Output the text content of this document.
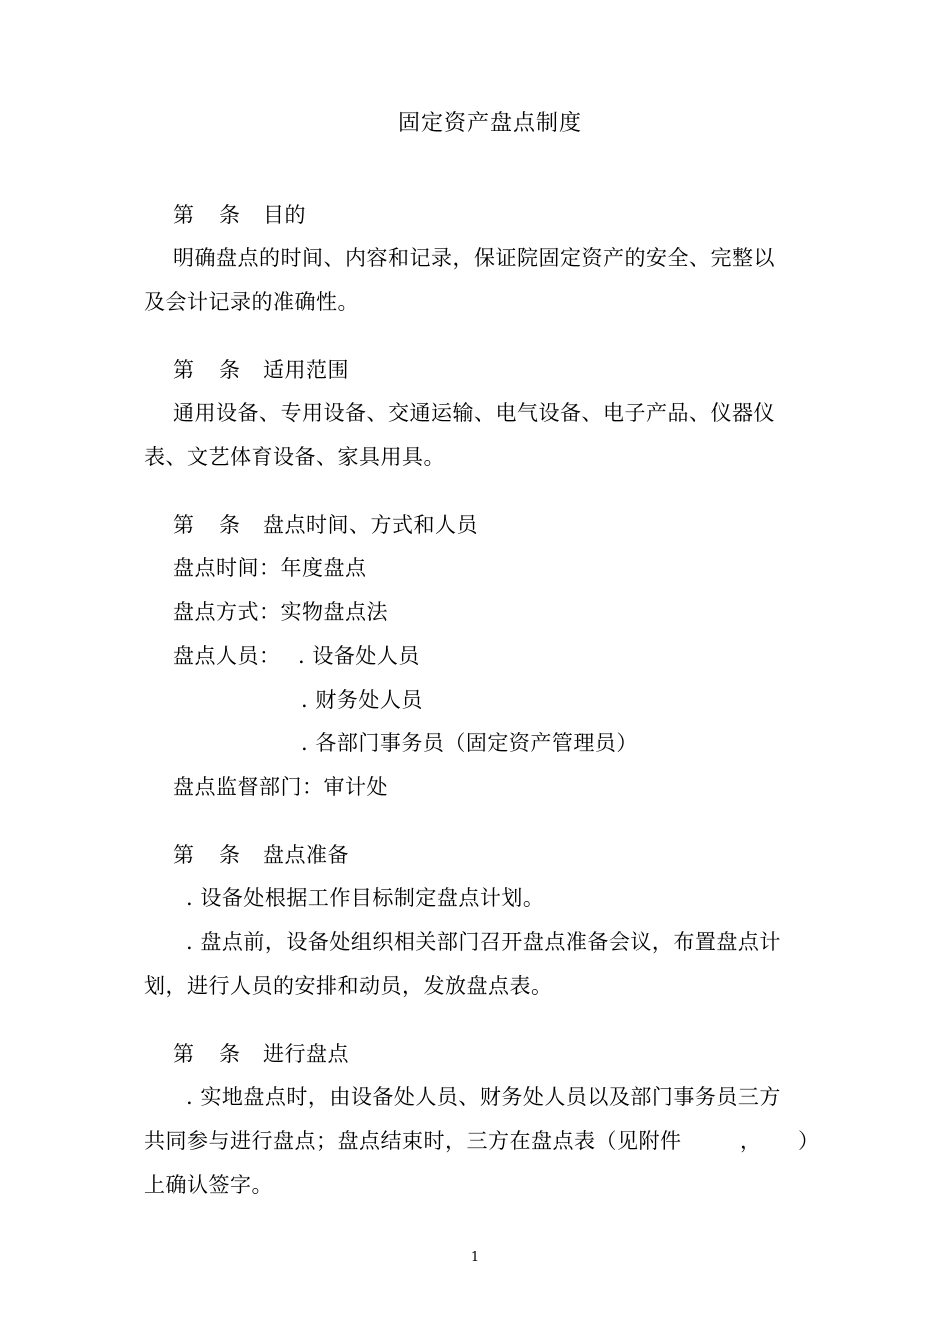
固定资产盘点制度
第 条 目的
明确盘点的时间、内容和记录，保证院固定资产的安全、完整以
及会计记录的准确性。
第 条 适用范围
通用设备、专用设备、交通运输、电气设备、电子产品、仪器仪
表、文艺体育设备、家具用具。
第 条 盘点时间、方式和人员
盘点时间：年度盘点
盘点方式：实物盘点法
盘点人员： . 设备处人员
. 财务处人员
. 各部门事务员（固定资产管理员）
盘点监督部门：审计处
第 条 盘点准备
. 设备处根据工作目标制定盘点计划。
. 盘点前，设备处组织相关部门召开盘点准备会议，布置盘点计
划，进行人员的安排和动员，发放盘点表。
第 条 进行盘点
. 实地盘点时，由设备处人员、财务处人员以及部门事务员三方
共同参与进行盘点；盘点结束时，三方在盘点表（见附件	， ）
上确认签字。
1
